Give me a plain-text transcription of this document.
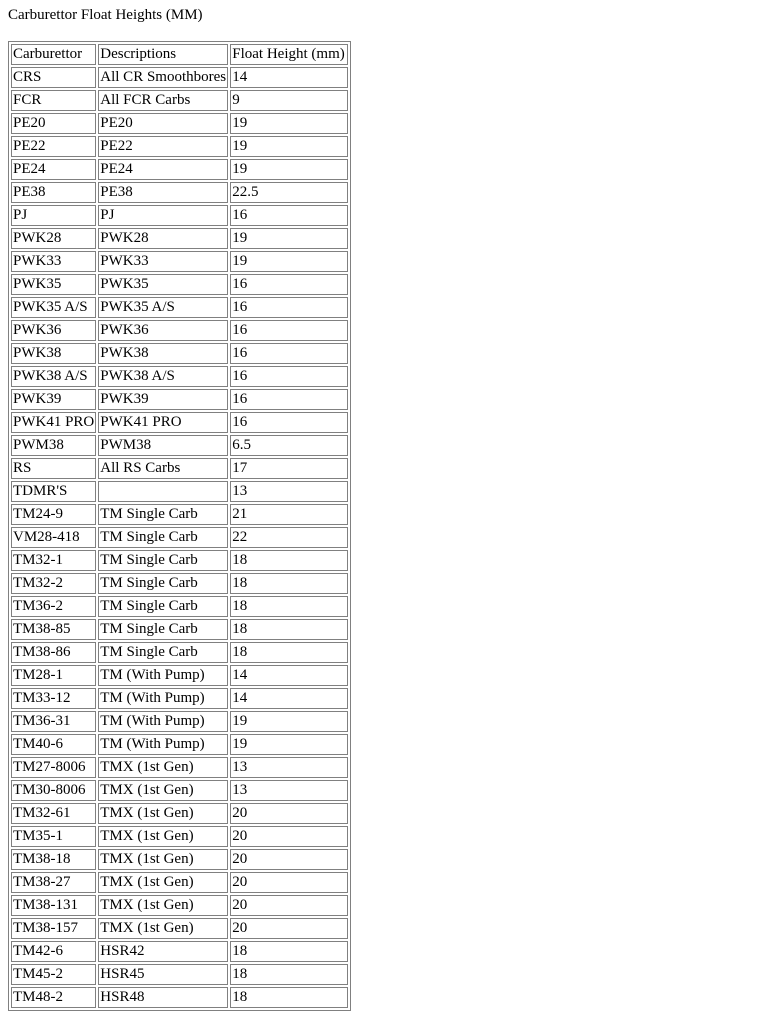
Carburettor Float Heights (MM)
Carburettor	Descriptions	Float Height (mm)
CRS	All CR Smoothbores	14
FCR	All FCR Carbs	9
PE20	PE20	19
PE22	PE22	19
PE24	PE24	19
PE38	PE38	22.5
PJ	PJ	16
PWK28	PWK28	19
PWK33	PWK33	19
PWK35	PWK35	16
PWK35 A/S	PWK35 A/S	16
PWK36	PWK36	16
PWK38	PWK38	16
PWK38 A/S	PWK38 A/S	16
PWK39	PWK39	16
PWK41 PRO	PWK41 PRO	16
PWM38	PWM38	6.5
RS	All RS Carbs	17
TDMR'S		13
TM24-9	TM Single Carb	21
VM28-418	TM Single Carb	22
TM32-1	TM Single Carb	18
TM32-2	TM Single Carb	18
TM36-2	TM Single Carb	18
TM38-85	TM Single Carb	18
TM38-86	TM Single Carb	18
TM28-1	TM (With Pump)	14
TM33-12	TM (With Pump)	14
TM36-31	TM (With Pump)	19
TM40-6	TM (With Pump)	19
TM27-8006	TMX (1st Gen)	13
TM30-8006	TMX (1st Gen)	13
TM32-61	TMX (1st Gen)	20
TM35-1	TMX (1st Gen)	20
TM38-18	TMX (1st Gen)	20
TM38-27	TMX (1st Gen)	20
TM38-131	TMX (1st Gen)	20
TM38-157	TMX (1st Gen)	20
TM42-6	HSR42	18
TM45-2	HSR45	18
TM48-2	HSR48	18
